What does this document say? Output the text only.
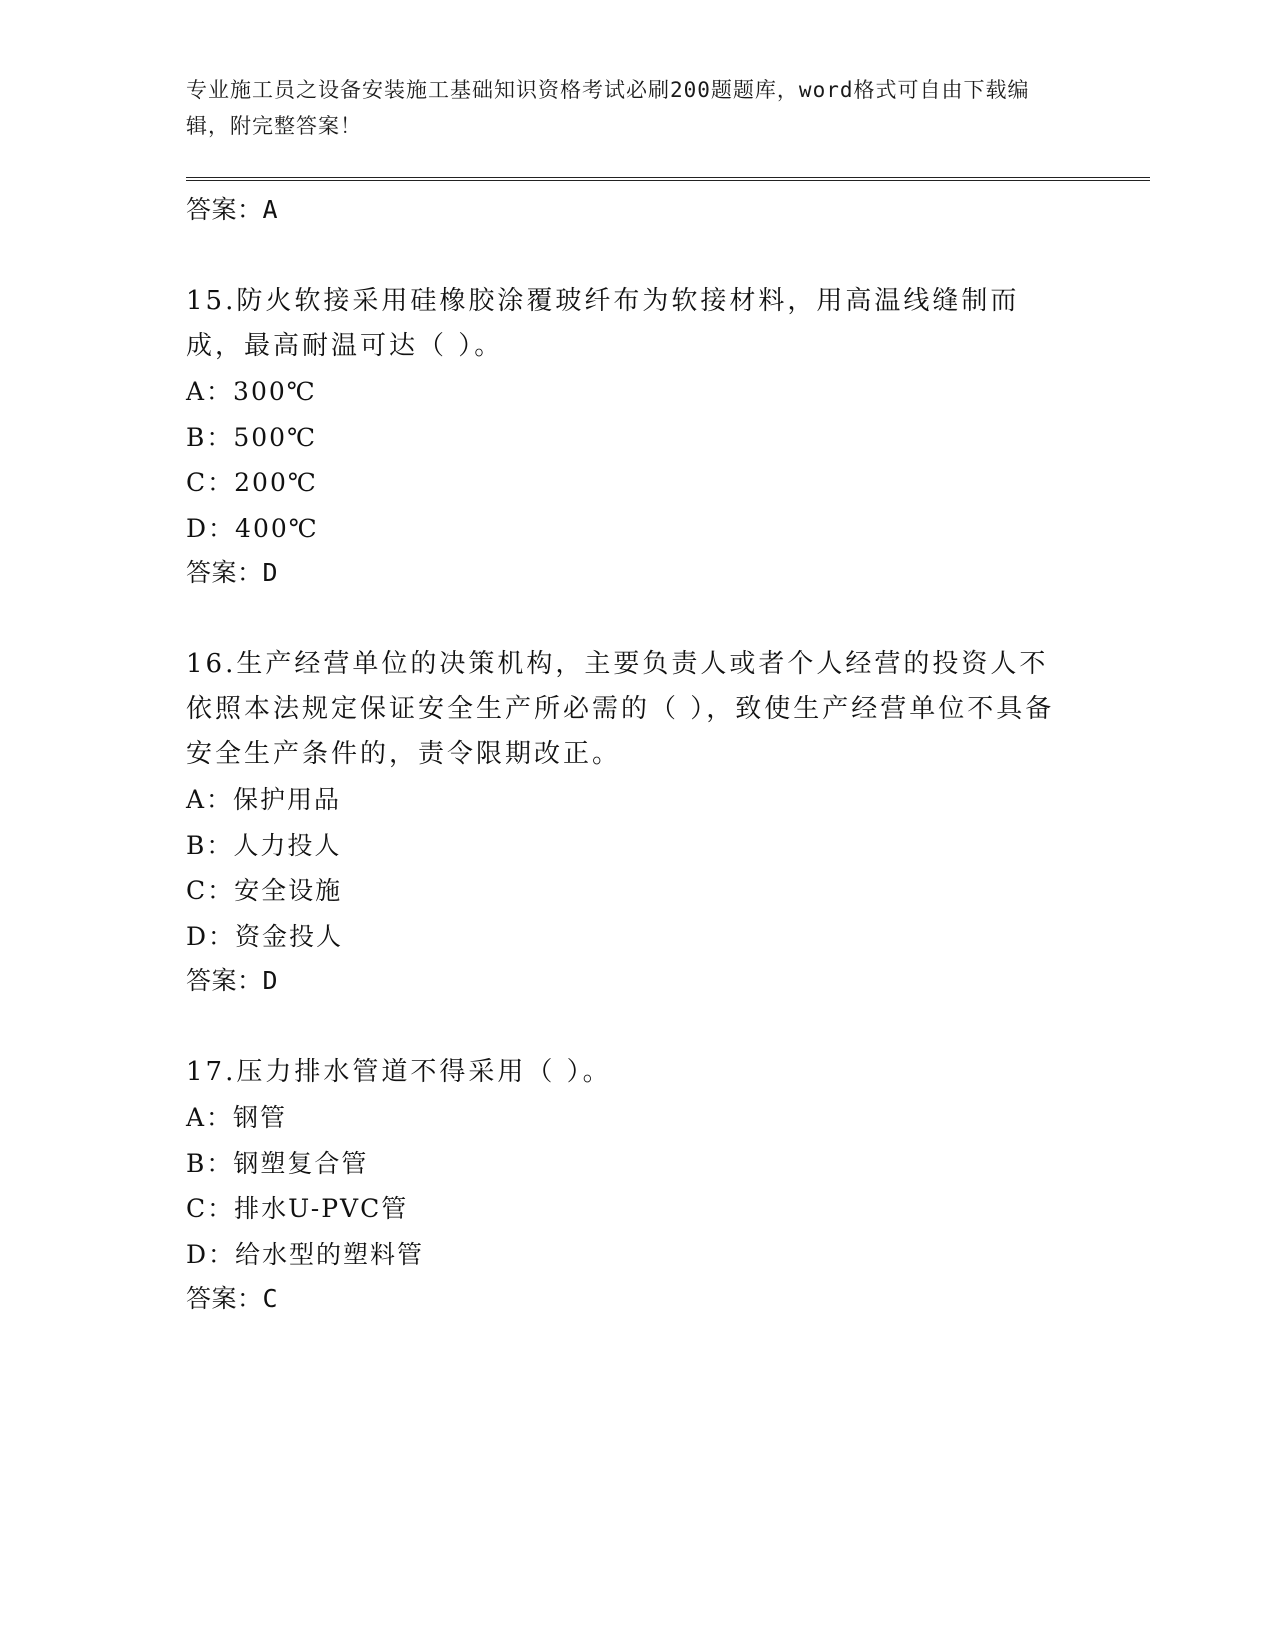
专业施工员之设备安装施工基础知识资格考试必刷200题题库，word格式可自由下载编辑，附完整答案！
答案：A
15.防火软接采用硅橡胶涂覆玻纤布为软接材料，用高温线缝制而成，最高耐温可达（ ）。
A：300℃
B：500℃
C：200℃
D：400℃
答案：D
16.生产经营单位的决策机构，主要负责人或者个人经营的投资人不依照本法规定保证安全生产所必需的（ ），致使生产经营单位不具备安全生产条件的，责令限期改正。
A：保护用品
B：人力投人
C：安全设施
D：资金投人
答案：D
17.压力排水管道不得采用（ ）。
A：钢管
B：钢塑复合管
C：排水U-PVC管
D：给水型的塑料管
答案：C
